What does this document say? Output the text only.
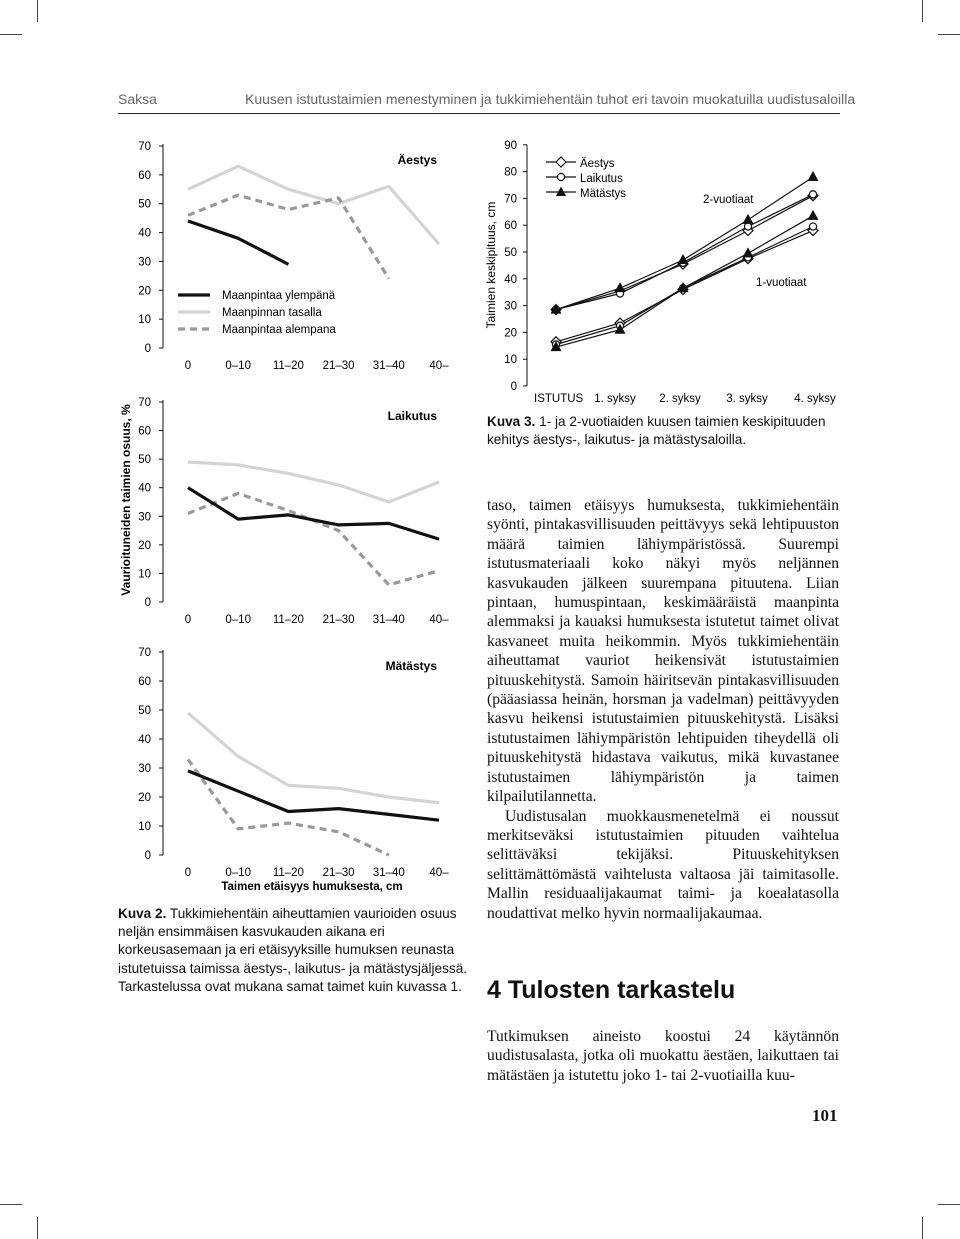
Saksa	Kuusen istutustaimien menestyminen ja tukkimiehentäin tuhot eri tavoin muokatuilla uudistusaloilla
Vaurioituneiden taimien osuus, %
0
10
20
30
40
50
60
70
0	0–10 11–20 21–30 31–40 40–
Äestys
0
10
20
30
40
50
60
70
0	0–10 11–20 21–30 31–40 40–
Laikutus
0
10
20
30
40
50
60
70
0	0–10 11–20 21–30 31–40 40–
Mätästys
Taimen etäisyys humuksesta, cm
Maanpintaa ylempänä
Maanpinnan tasalla
Maanpintaa alempana
Taimien keskipituus, cm
0
10
20
30
40
50
60
70
80
90
ISTUTUS 1. syksy 2. syksy 3. syksy 4. syksy
Äestys
Laikutus
Mätästys	2-vuotiaat
1-vuotiaat
Kuva 3. 1- ja 2-vuotiaiden kuusen taimien keskipituuden kehitys äestys-, laikutus- ja mätästysaloilla.
Kuva 2. Tukkimiehentäin aiheuttamien vaurioiden osuus neljän ensimmäisen kasvukauden aikana eri korkeusasemaan ja eri etäisyyksille humuksen reunasta istutetuissa taimissa äestys-, laikutus- ja mätästysjäljessä. Tarkastelussa ovat mukana samat taimet kuin kuvassa 1.

taso, taimen etäisyys humuksesta, tukkimiehentäin syönti, pintakasvillisuuden peittävyys sekä lehtipuuston määrä taimien lähiympäristössä. Suurempi istutusmateriaali koko näkyi myös neljännen kasvukauden jälkeen suurempana pituutena. Liian pintaan, humuspintaan, keskimääräistä maanpinta alemmaksi ja kauaksi humuksesta istutetut taimet olivat kasvaneet muita heikommin. Myös tukkimiehentäin aiheuttamat vauriot heikensivät istutustaimien pituuskehitystä. Samoin häiritsevän pintakasvillisuuden (pääasiassa heinän, horsman ja vadelman) peittävyyden kasvu heikensi istutustaimien pituuskehitystä. Lisäksi istutustaimen lähiympäristön lehtipuiden tiheydellä oli pituuskehitystä hidastava vaikutus, mikä kuvastanee istutustaimen lähiympäristön ja taimen kilpailutilannetta.

Uudistusalan muokkausmenetelmä ei noussut merkitseväksi istutustaimien pituuden vaihtelua selittäväksi tekijäksi. Pituuskehityksen selittämättömästä vaihtelusta valtaosa jäi taimitasolle. Mallin residuaalijakaumat taimi- ja koealatasolla noudattivat melko hyvin normaalijakaumaa.

4 Tulosten tarkastelu

Tutkimuksen aineisto koostui 24 käytännön uudistusalasta, jotka oli muokattu äestäen, laikuttaen tai mätästäen ja istutettu joko 1- tai 2-vuotiailla kuu-

101
